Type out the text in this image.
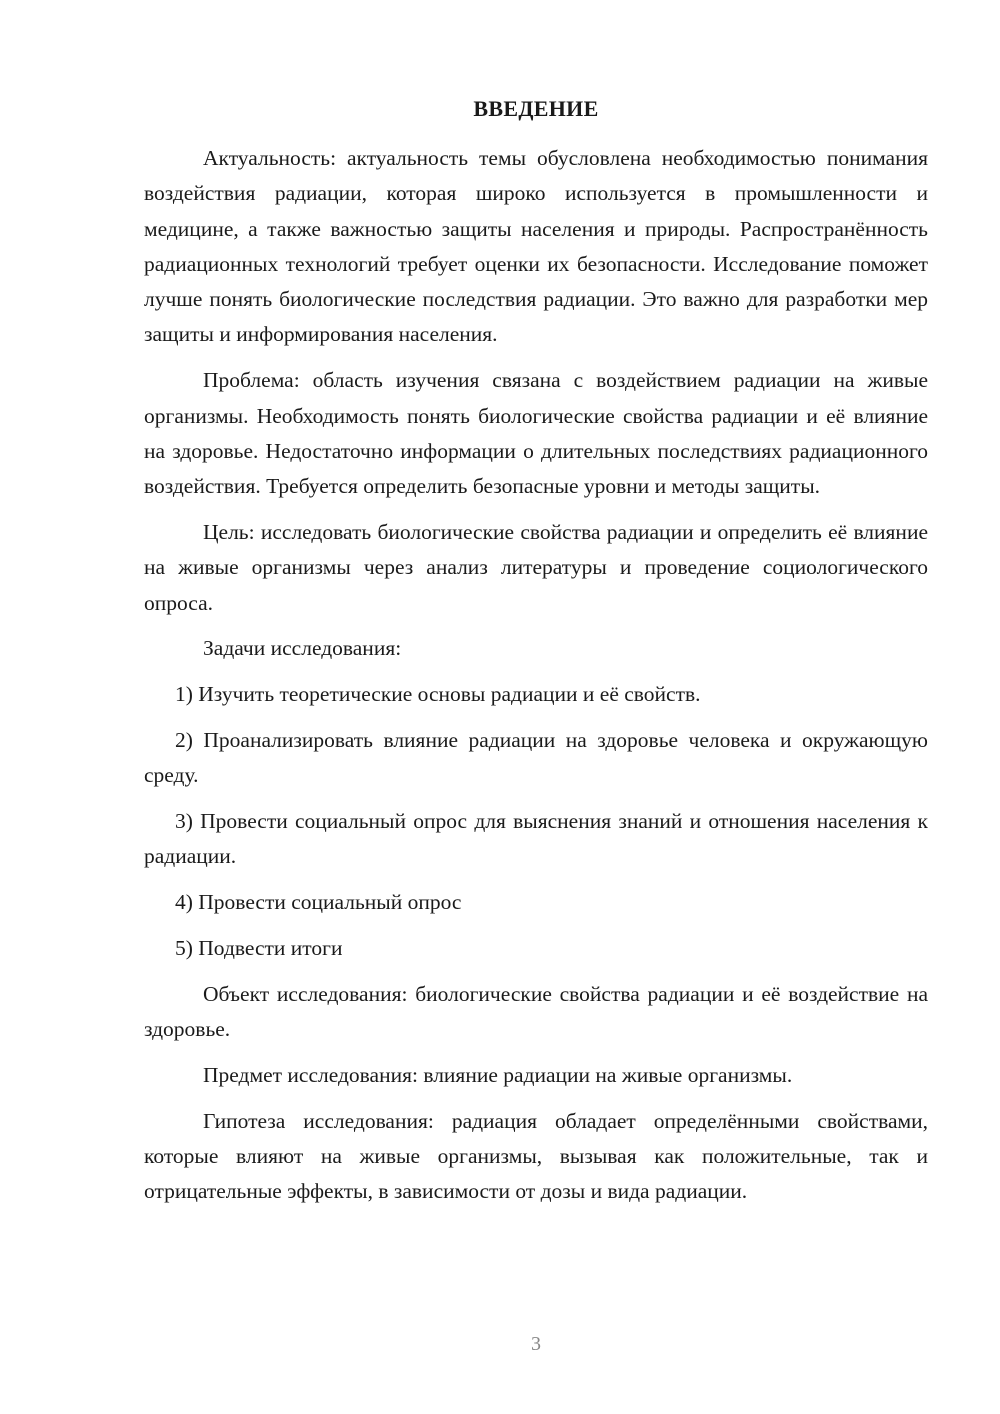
ВВЕДЕНИЕ

Актуальность: актуальность темы обусловлена необходимостью понимания воздействия радиации, которая широко используется в промышленности и медицине, а также важностью защиты населения и природы. Распространённость радиационных технологий требует оценки их безопасности. Исследование поможет лучше понять биологические последствия радиации. Это важно для разработки мер защиты и информирования населения.

Проблема: область изучения связана с воздействием радиации на живые организмы. Необходимость понять биологические свойства радиации и её влияние на здоровье. Недостаточно информации о длительных последствиях радиационного воздействия. Требуется определить безопасные уровни и методы защиты.

Цель: исследовать биологические свойства радиации и определить её влияние на живые организмы через анализ литературы и проведение социологического опроса.

Задачи исследования:

1) Изучить теоретические основы радиации и её свойств.

2) Проанализировать влияние радиации на здоровье человека и окружающую среду.

3) Провести социальный опрос для выяснения знаний и отношения населения к радиации.

4) Провести социальный опрос

5) Подвести итоги

Объект исследования: биологические свойства радиации и её воздействие на здоровье.

Предмет исследования: влияние радиации на живые организмы.

Гипотеза исследования: радиация обладает определёнными свойствами, которые влияют на живые организмы, вызывая как положительные, так и отрицательные эффекты, в зависимости от дозы и вида радиации.

3
